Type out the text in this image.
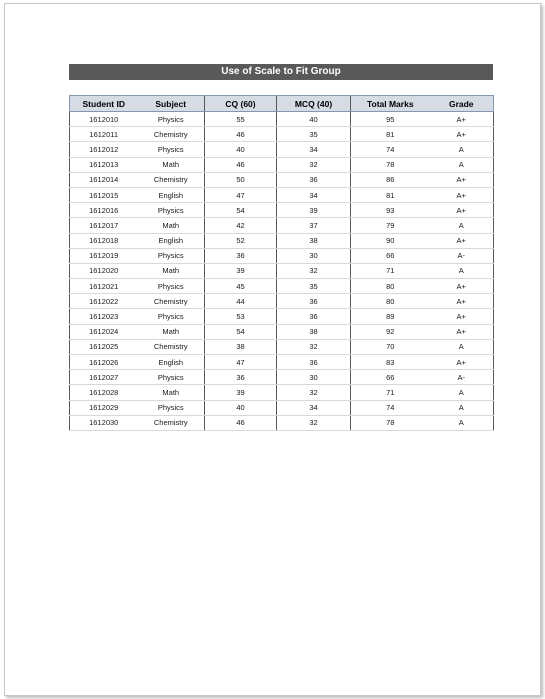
Use of Scale to Fit Group
Student ID	Subject	CQ (60)	MCQ (40)	Total Marks	Grade
1612010	Physics	55	40	95	A+
1612011	Chemistry	46	35	81	A+
1612012	Physics	40	34	74	A
1612013	Math	46	32	78	A
1612014	Chemistry	50	36	86	A+
1612015	English	47	34	81	A+
1612016	Physics	54	39	93	A+
1612017	Math	42	37	79	A
1612018	English	52	38	90	A+
1612019	Physics	36	30	66	A-
1612020	Math	39	32	71	A
1612021	Physics	45	35	80	A+
1612022	Chemistry	44	36	80	A+
1612023	Physics	53	36	89	A+
1612024	Math	54	38	92	A+
1612025	Chemistry	38	32	70	A
1612026	English	47	36	83	A+
1612027	Physics	36	30	66	A-
1612028	Math	39	32	71	A
1612029	Physics	40	34	74	A
1612030	Chemistry	46	32	78	A
